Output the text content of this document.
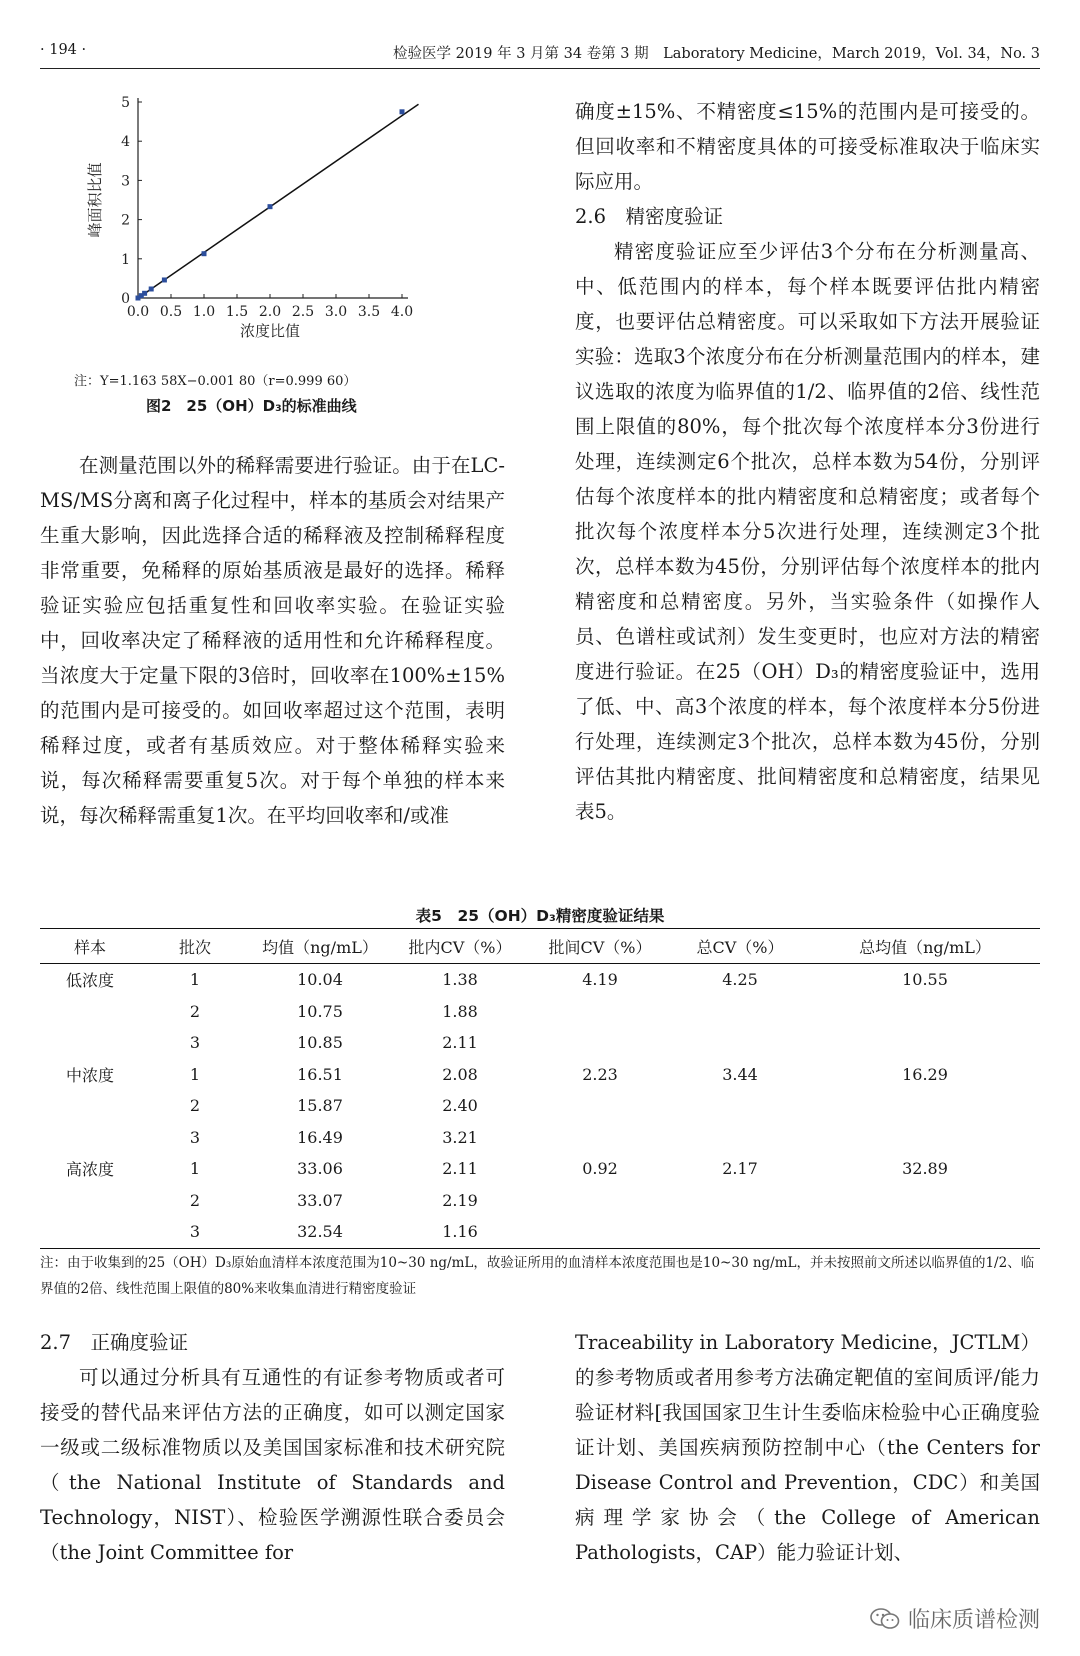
· 194 ·	检验医学 2019 年 3 月第 34 卷第 3 期　Laboratory Medicine，March 2019，Vol. 34，No. 3
0.0 0.5 1.0 1.5 2.0 2.5 3.0 3.5 4.0
0
1
2
3
4
5
浓度比值
峰面积比值
注：Y=1.163 58X−0.001 80（r=0.999 60）
图2　25（OH）D₃的标准曲线

在测量范围以外的稀释需要进行验证。由于在LC-MS/MS分离和离子化过程中，样本的基质会对结果产生重大影响，因此选择合适的稀释液及控制稀释程度非常重要，免稀释的原始基质液是最好的选择。稀释验证实验应包括重复性和回收率实验。在验证实验中，回收率决定了稀释液的适用性和允许稀释程度。当浓度大于定量下限的3倍时，回收率在100%±15%的范围内是可接受的。如回收率超过这个范围，表明稀释过度，或者有基质效应。对于整体稀释实验来说，每次稀释需要重复5次。对于每个单独的样本来说，每次稀释需重复1次。在平均回收率和/或准

确度±15%、不精密度≤15%的范围内是可接受的。但回收率和不精密度具体的可接受标准取决于临床实际应用。

2.6　精密度验证

精密度验证应至少评估3个分布在分析测量高、中、低范围内的样本，每个样本既要评估批内精密度，也要评估总精密度。可以采取如下方法开展验证实验：选取3个浓度分布在分析测量范围内的样本，建议选取的浓度为临界值的1/2、临界值的2倍、线性范围上限值的80%，每个批次每个浓度样本分3份进行处理，连续测定6个批次，总样本数为54份，分别评估每个浓度样本的批内精密度和总精密度；或者每个批次每个浓度样本分5次进行处理，连续测定3个批次，总样本数为45份，分别评估每个浓度样本的批内精密度和总精密度。另外，当实验条件（如操作人员、色谱柱或试剂）发生变更时，也应对方法的精密度进行验证。在25（OH）D₃的精密度验证中，选用了低、中、高3个浓度的样本，每个浓度样本分5份进行处理，连续测定3个批次，总样本数为45份，分别评估其批内精密度、批间精密度和总精密度，结果见表5。

表5　25（OH）D₃精密度验证结果
样本	批次	均值（ng/mL）	批内CV（%）	批间CV（%）	总CV（%）	总均值（ng/mL）
低浓度	1	10.04	1.38	4.19	4.25	10.55
	2	10.75	1.88			
	3	10.85	2.11			
中浓度	1	16.51	2.08	2.23	3.44	16.29
	2	15.87	2.40			
	3	16.49	3.21			
高浓度	1	33.06	2.11	0.92	2.17	32.89
	2	33.07	2.19			
	3	32.54	1.16			
注：由于收集到的25（OH）D₃原始血清样本浓度范围为10~30 ng/mL，故验证所用的血清样本浓度范围也是10~30 ng/mL，并未按照前文所述以临界值的1/2、临界值的2倍、线性范围上限值的80%来收集血清进行精密度验证

2.7　正确度验证

可以通过分析具有互通性的有证参考物质或者可接受的替代品来评估方法的正确度，如可以测定国家一级或二级标准物质以及美国国家标准和技术研究院（the National Institute of Standards and Technology，NIST）、检验医学溯源性联合委员会（the Joint Committee for

Traceability in Laboratory Medicine，JCTLM）的参考物质或者用参考方法确定靶值的室间质评/能力验证材料[我国国家卫生计生委临床检验中心正确度验证计划、美国疾病预防控制中心（the Centers for Disease Control and Prevention，CDC）和美国病理学家协会（the College of American Pathologists，CAP）能力验证计划、

临床质谱检测
